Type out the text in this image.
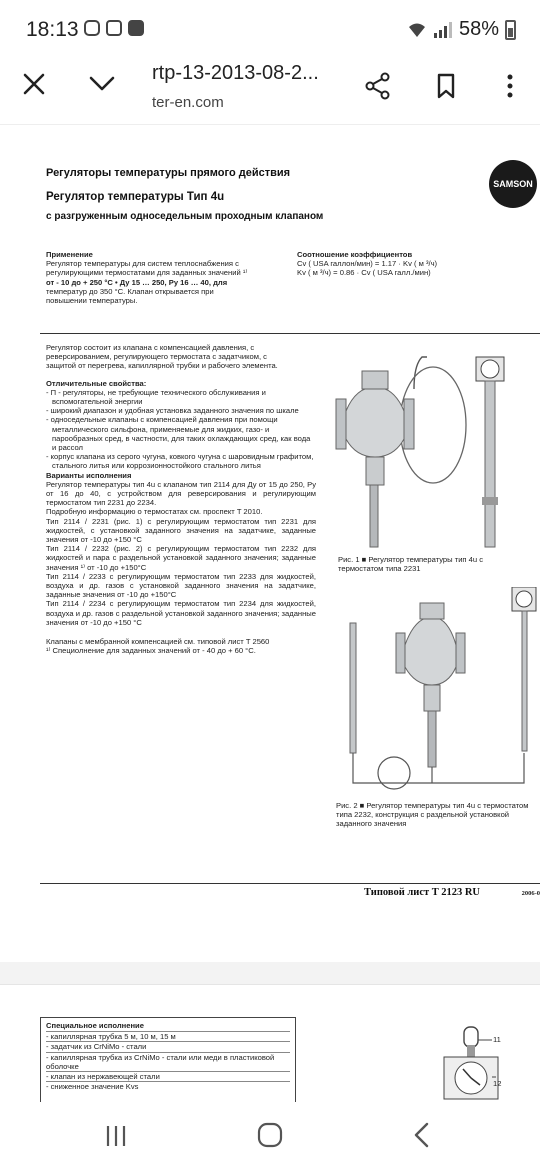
18:13	58%
rtp-13-2013-08-2...
ter-en.com
Регуляторы температуры прямого действия
Регулятор температуры Тип 4u
с разгруженным односедельным проходным клапаном
SAMSON
Применение
Регулятор температуры для систем теплоснабжения с
регулирующими термостатами для заданных значений ¹⁾
от - 10 до + 250 °C • Ду 15 … 250, Ру 16 … 40, для
температур до 350 °C. Клапан открывается при
повышении температуры.
Соотношение коэффициентов
Cv ( USA галлон/мин) = 1.17 · Kv ( м ³/ч)
Kv ( м ³/ч) = 0.86 · Cv ( USA галл./мин)
Регулятор состоит из клапана с компенсацией давления, с
реверсированием, регулирующего термостата с задатчиком, с
защитой от перегрева, капиллярной трубки и рабочего элемента.
Отличительные свойства:
- П - регуляторы, не требующие технического обслуживания и вспомогательной энергии
- широкий диапазон и удобная установка заданного значения по шкале
- односедельные клапаны с компенсацией давления при помощи металлического сильфона, применяемые для жидких, газо- и парообразных сред, в частности, для таких охлаждающих сред, как вода и рассол
- корпус клапана из серого чугуна, ковкого чугуна с шаровидным графитом, стального литья или коррозионностойкого стального литья
Варианты исполнения
Регулятор температуры тип 4u с клапаном тип 2114 для Ду от 15 до 250, Ру от 16 до 40, с устройством для реверсирования и регулирующим термостатом тип 2231 до 2234.
Подробную информацию о термостатах см. проспект T 2010.
Тип 2114 / 2231 (рис. 1) с регулирующим термостатом тип 2231 для жидкостей, с установкой заданного значения на задатчике, заданные значения от -10 до +150 °C
Тип 2114 / 2232 (рис. 2) с регулирующим термостатом тип 2232 для жидкостей и пара с раздельной установкой заданного значения; заданные значения ¹⁾ от -10 до +150°C
Тип 2114 / 2233 с регулирующим термостатом тип 2233 для жидкостей, воздуха и др. газов с установкой заданного значения на задатчике, заданные значения от -10 до +150°C
Тип 2114 / 2234 с регулирующим термостатом тип 2234 для жидкостей, воздуха и др. газов с раздельной установкой заданного значения; заданные значения от -10 до +150 °C
Клапаны с мембранной компенсацией см. типовой лист T 2560
¹⁾ Специолнение для заданных значений от - 40 до + 60 °C.
Рис. 1 ■ Регулятор температуры тип 4u с термостатом типа 2231
Рис. 2 ■ Регулятор температуры тип 4u с термостатом типа 2232, конструкция с раздельной установкой заданного значения
Типовой лист T 2123 RU	2006-0
Специальное исполнение
- капиллярная трубка 5 м, 10 м, 15 м
- задатчик из CrNiMo - стали
- капиллярная трубка из CrNiMo - стали или меди в пластиковой оболочке
- клапан из нержавеющей стали
- сниженное значение Kvs
11
12
